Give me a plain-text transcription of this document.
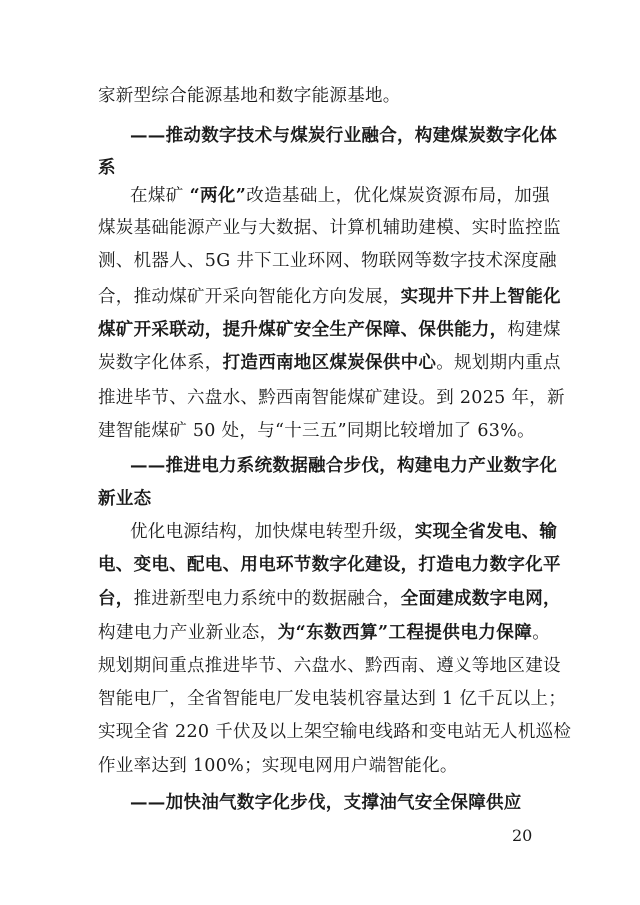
家新型综合能源基地和数字能源基地。
——推动数字技术与煤炭行业融合，构建煤炭数字化体
系
在煤矿 “两化”改造基础上，优化煤炭资源布局，加强
煤炭基础能源产业与大数据、计算机辅助建模、实时监控监
测、机器人、5G 井下工业环网、物联网等数字技术深度融
合，推动煤矿开采向智能化方向发展，实现井下井上智能化
煤矿开采联动，提升煤矿安全生产保障、保供能力，构建煤
炭数字化体系，打造西南地区煤炭保供中心。规划期内重点
推进毕节、六盘水、黔西南智能煤矿建设。到 2025 年，新
建智能煤矿 50 处，与“十三五”同期比较增加了 63%。
——推进电力系统数据融合步伐，构建电力产业数字化
新业态
优化电源结构，加快煤电转型升级，实现全省发电、输
电、变电、配电、用电环节数字化建设，打造电力数字化平
台，推进新型电力系统中的数据融合，全面建成数字电网，
构建电力产业新业态，为“东数西算”工程提供电力保障。
规划期间重点推进毕节、六盘水、黔西南、遵义等地区建设
智能电厂，全省智能电厂发电装机容量达到 1 亿千瓦以上；
实现全省 220 千伏及以上架空输电线路和变电站无人机巡检
作业率达到 100%；实现电网用户端智能化。
——加快油气数字化步伐，支撑油气安全保障供应
20
